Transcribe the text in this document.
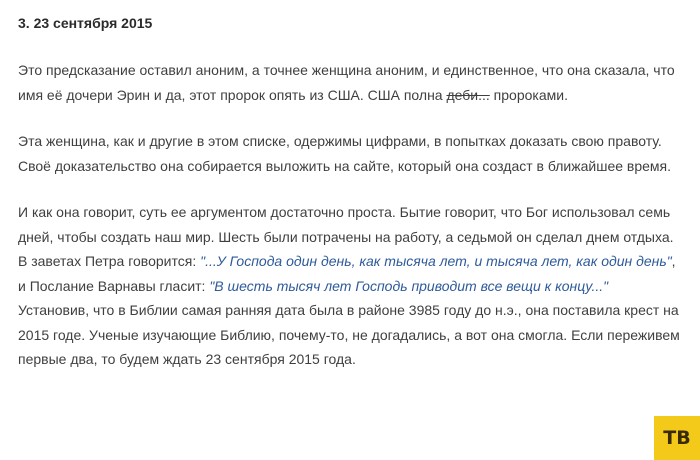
3. 23 сентября 2015

Это предсказание оставил аноним, а точнее женщина аноним, и единственное, что она сказала, что имя её дочери Эрин и да, этот пророк опять из США. США полна деби... пророками.

Эта женщина, как и другие в этом списке, одержимы цифрами, в попытках доказать свою правоту. Своё доказательство она собирается выложить на сайте, который она создаст в ближайшее время.

И как она говорит, суть ее аргументом достаточно проста. Бытие говорит, что Бог использовал семь дней, чтобы создать наш мир. Шесть были потрачены на работу, а седьмой он сделал днем отдыха. В заветах Петра говорится: "...У Господа один день, как тысяча лет, и тысяча лет, как один день", и Послание Варнавы гласит: "В шесть тысяч лет Господь приводит все вещи к концу..." Установив, что в Библии самая ранняя дата была в районе 3985 году до н.э., она поставила крест на 2015 годе. Ученые изучающие Библию, почему-то, не догадались, а вот она смогла. Если переживем первые два, то будем ждать 23 сентября 2015 года.

ТВ
